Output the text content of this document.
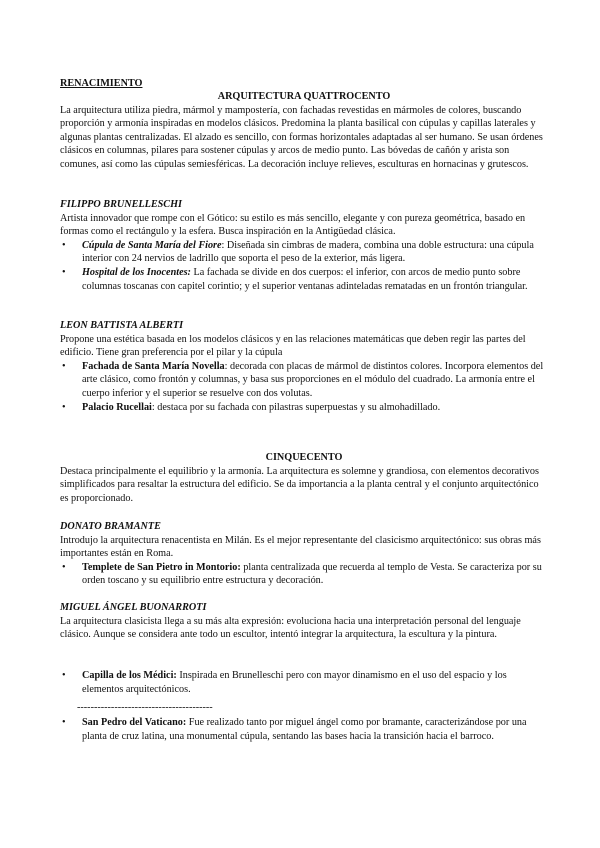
RENACIMIENTO
ARQUITECTURA QUATTROCENTO

La arquitectura utiliza piedra, mármol y mampostería, con fachadas revestidas en mármoles de colores, buscando proporción y armonía inspiradas en modelos clásicos. Predomina la planta basilical con cúpulas y capillas laterales y algunas plantas centralizadas. El alzado es sencillo, con formas horizontales adaptadas al ser humano. Se usan órdenes clásicos en columnas, pilares para sostener cúpulas y arcos de medio punto. Las bóvedas de cañón y arista son comunes, así como las cúpulas semiesféricas. La decoración incluye relieves, esculturas en hornacinas y grutescos.

FILIPPO BRUNELLESCHI

Artista innovador que rompe con el Gótico: su estilo es más sencillo, elegante y con pureza geométrica, basado en formas como el rectángulo y la esfera. Busca inspiración en la Antigüedad clásica.

• Cúpula de Santa María del Fiore: Diseñada sin cimbras de madera, combina una doble estructura: una cúpula interior con 24 nervios de ladrillo que soporta el peso de la exterior, más ligera.
• Hospital de los Inocentes: La fachada se divide en dos cuerpos: el inferior, con arcos de medio punto sobre columnas toscanas con capitel corintio; y el superior ventanas adinteladas rematadas en un frontón triangular.
LEON BATTISTA ALBERTI

Propone una estética basada en los modelos clásicos y en las relaciones matemáticas que deben regir las partes del edificio. Tiene gran preferencia por el pilar y la cúpula

• Fachada de Santa María Novella: decorada con placas de mármol de distintos colores. Incorpora elementos del arte clásico, como frontón y columnas, y basa sus proporciones en el módulo del cuadrado. La armonía entre el cuerpo inferior y el superior se resuelve con dos volutas.
• Palacio Rucellai: destaca por su fachada con pilastras superpuestas y su almohadillado.
CINQUECENTO

Destaca principalmente el equilibrio y la armonía. La arquitectura es solemne y grandiosa, con elementos decorativos simplificados para resaltar la estructura del edificio. Se da importancia a la planta central y el conjunto arquitectónico es proporcionado.

DONATO BRAMANTE

Introdujo la arquitectura renacentista en Milán. Es el mejor representante del clasicismo arquitectónico: sus obras más importantes están en Roma.

• Templete de San Pietro in Montorio: planta centralizada que recuerda al templo de Vesta. Se caracteriza por su orden toscano y su equilibrio entre estructura y decoración.
MIGUEL ÁNGEL BUONARROTI

La arquitectura clasicista llega a su más alta expresión: evoluciona hacia una interpretación personal del lenguaje clásico. Aunque se considera ante todo un escultor, intentó integrar la arquitectura, la escultura y la pintura.

• Capilla de los Médici: Inspirada en Brunelleschi pero con mayor dinamismo en el uso del espacio y los elementos arquitectónicos.
----------------------------------------
• San Pedro del Vaticano: Fue realizado tanto por miguel ángel como por bramante, caracterizándose por una planta de cruz latina, una monumental cúpula, sentando las bases hacia la transición hacia el barroco.
